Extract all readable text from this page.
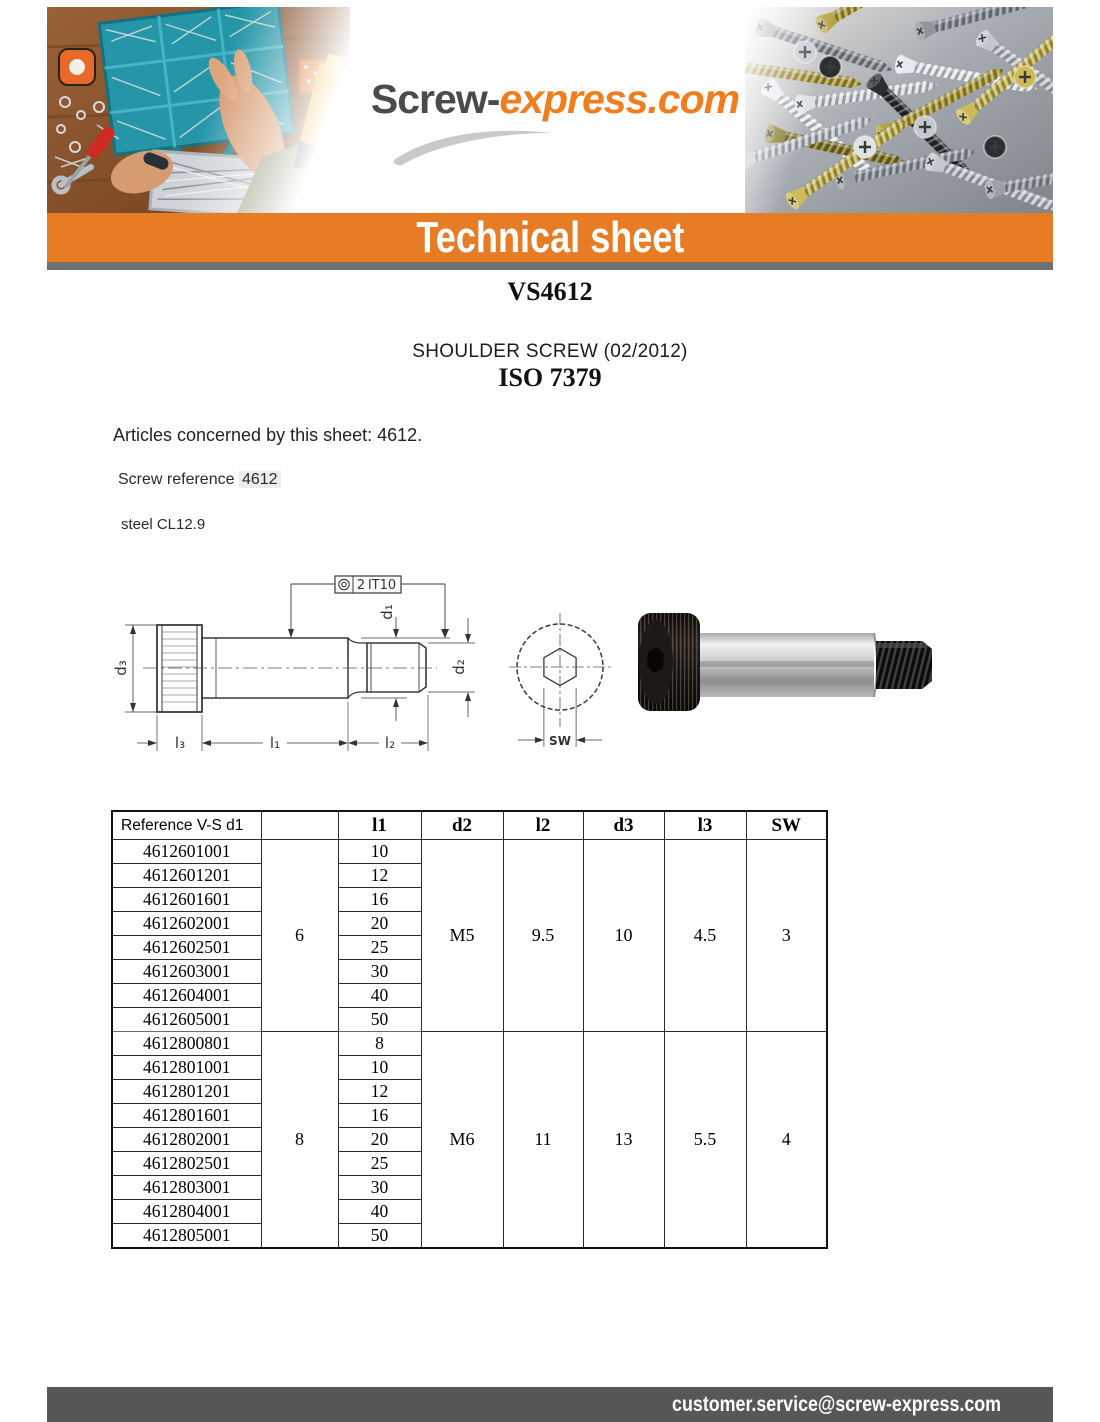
Screw- express.com
Technical sheet
VS4612
SHOULDER SCREW (02/2012)
ISO 7379
Articles concerned by this sheet: 4612.
Screw reference 4612
steel CL12.9
d₃
d₁
d₂
l₃	l₁	l₂	SW
2 IT10
Reference V-S d1		l1	d2	l2	d3	l3	SW
4612601001	6	10	M5	9.5	10	4.5	3
4612601201		12					
4612601601		16					
4612602001		20					
4612602501		25					
4612603001		30					
4612604001		40					
4612605001		50					
4612800801	8	8	M6	11	13	5.5	4
4612801001		10					
4612801201		12					
4612801601		16					
4612802001		20					
4612802501		25					
4612803001		30					
4612804001		40					
4612805001		50					
customer.service@screw-express.com
